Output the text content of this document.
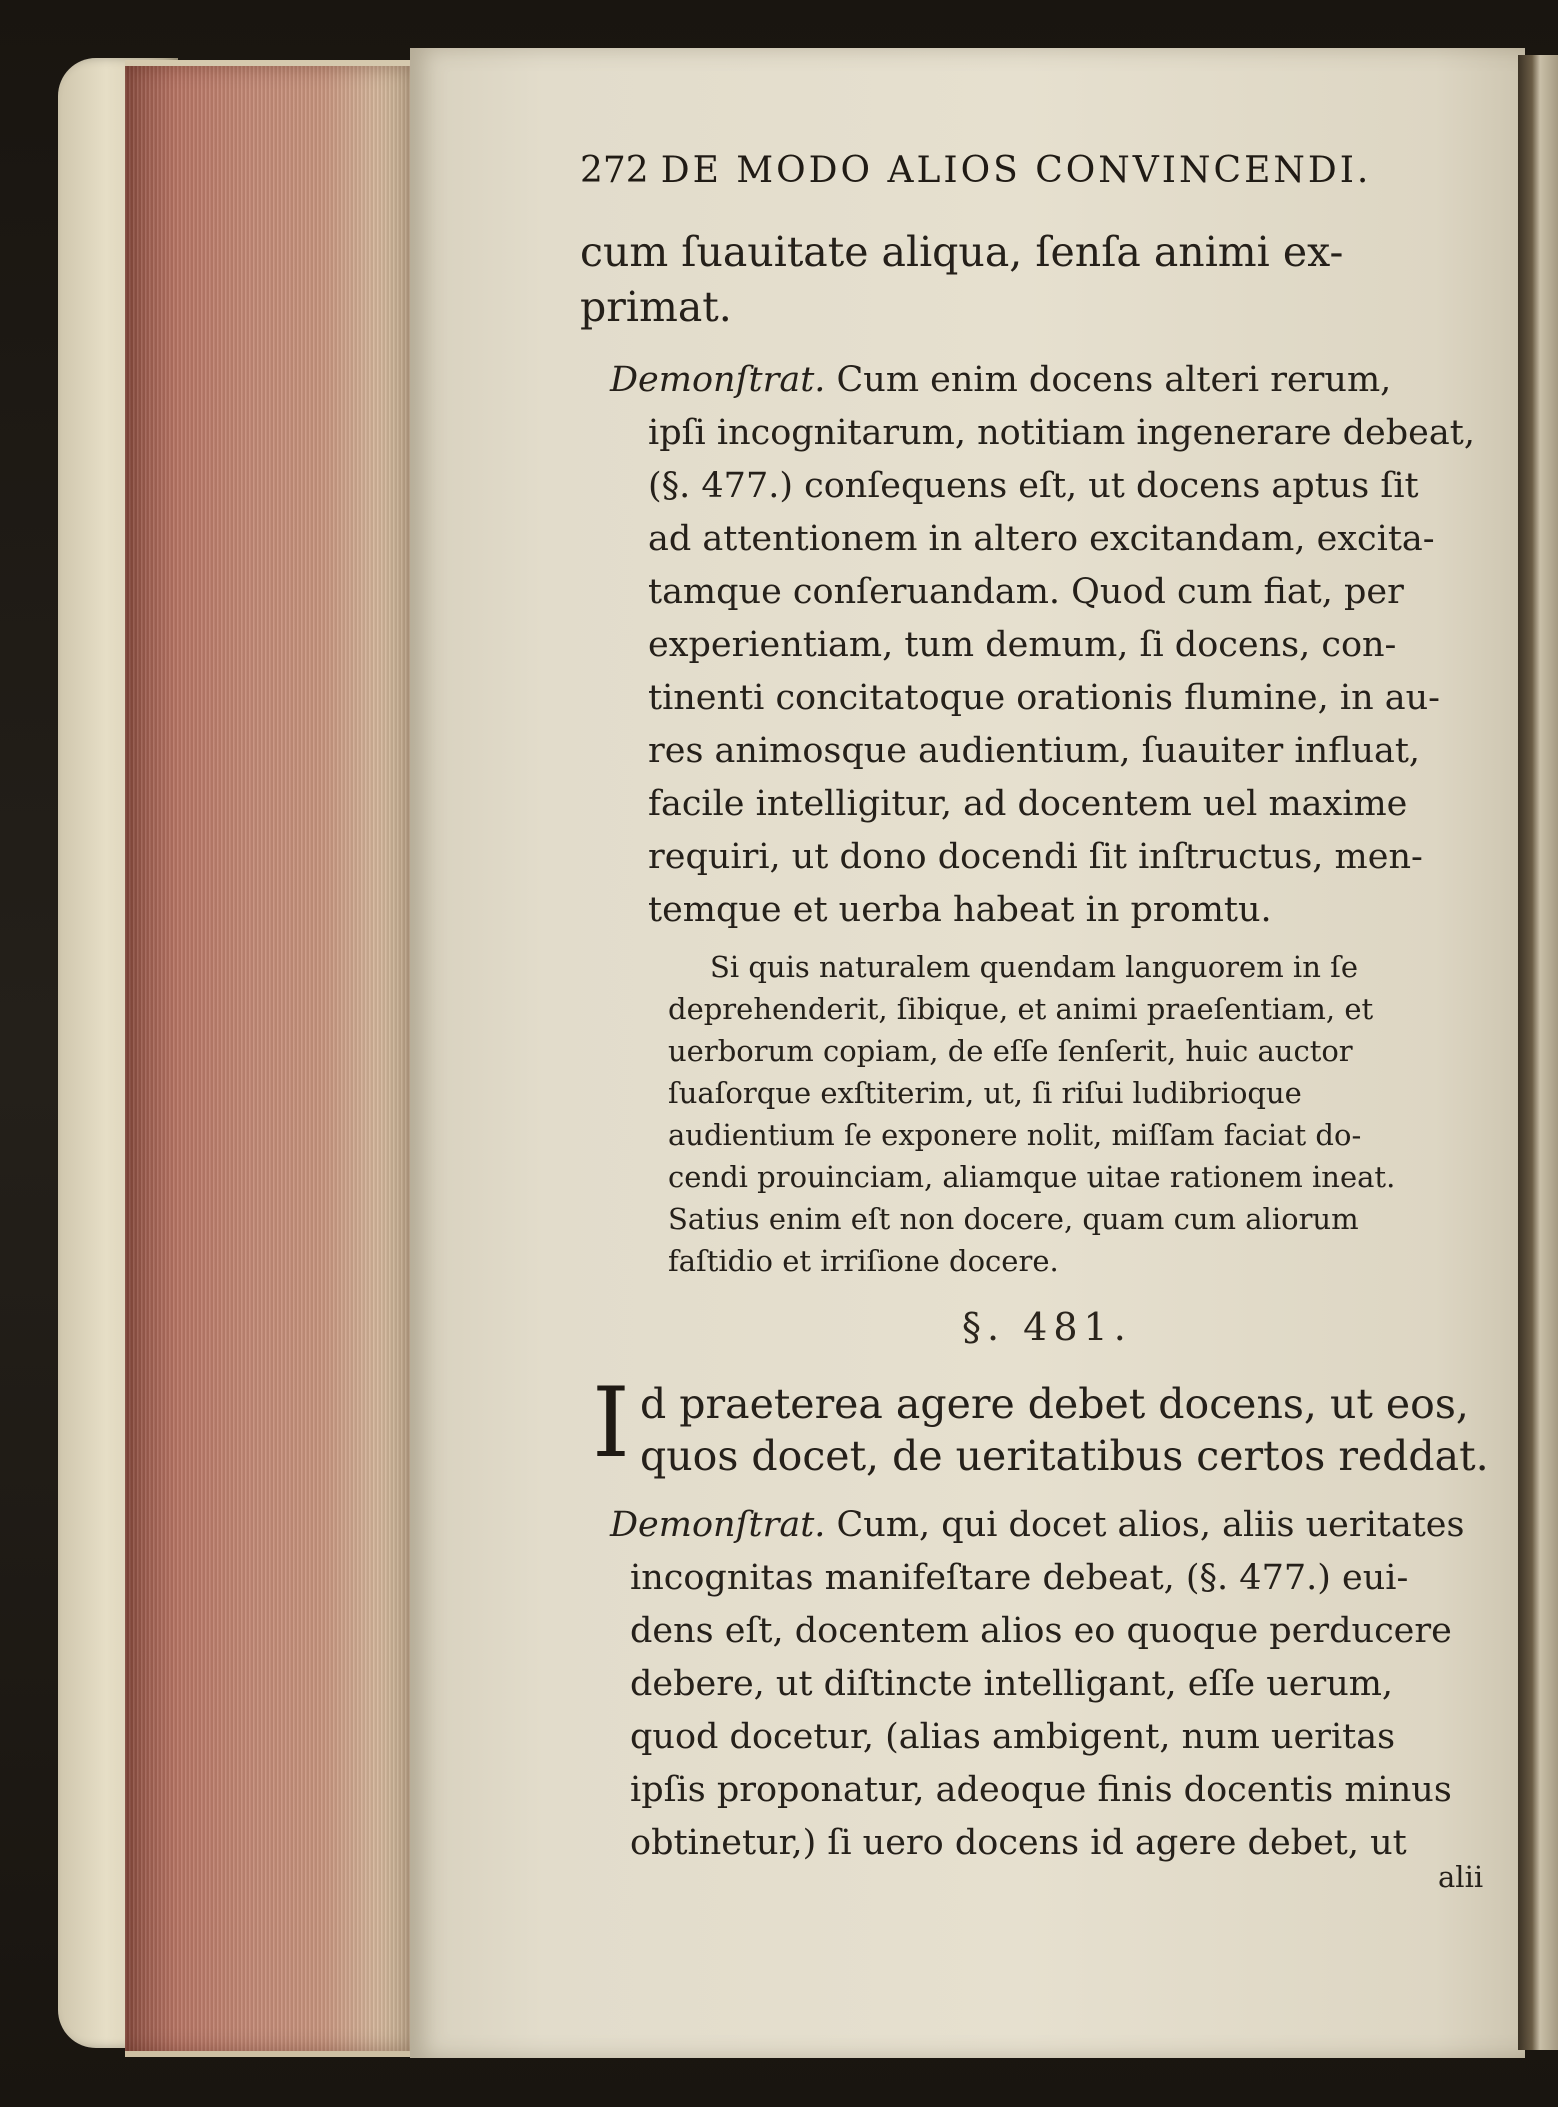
272 DE MODO ALIOS CONVINCENDI.
cum ſuauitate aliqua, ſenſa animi ex-
primat.
Demonſtrat. Cum enim docens alteri rerum,
ipſi incognitarum, notitiam ingenerare debeat,
(§. 477.) conſequens eſt, ut docens aptus ſit
ad attentionem in altero excitandam, excita-
tamque conſeruandam. Quod cum fiat, per
experientiam, tum demum, ſi docens, con-
tinenti concitatoque orationis flumine, in au-
res animosque audientium, ſuauiter influat,
facile intelligitur, ad docentem uel maxime
requiri, ut dono docendi ſit inſtructus, men-
temque et uerba habeat in promtu.
Si quis naturalem quendam languorem in ſe
deprehenderit, ſibique, et animi praeſentiam, et
uerborum copiam, de eſſe ſenſerit, huic auctor
ſuaſorque exſtiterim, ut, ſi riſui ludibrioque
audientium ſe exponere nolit, miſſam faciat do-
cendi prouinciam, aliamque uitae rationem ineat.
Satius enim eſt non docere, quam cum aliorum
faſtidio et irriſione docere.
§. 481.
I d praeterea agere debet docens, ut eos,
quos docet, de ueritatibus certos reddat.
Demonſtrat. Cum, qui docet alios, aliis ueritates
incognitas manifeſtare debeat, (§. 477.) eui-
dens eſt, docentem alios eo quoque perducere
debere, ut diſtincte intelligant, eſſe uerum,
quod docetur, (alias ambigent, num ueritas
ipſis proponatur, adeoque finis docentis minus
obtinetur,) ſi uero docens id agere debet, ut
alii
